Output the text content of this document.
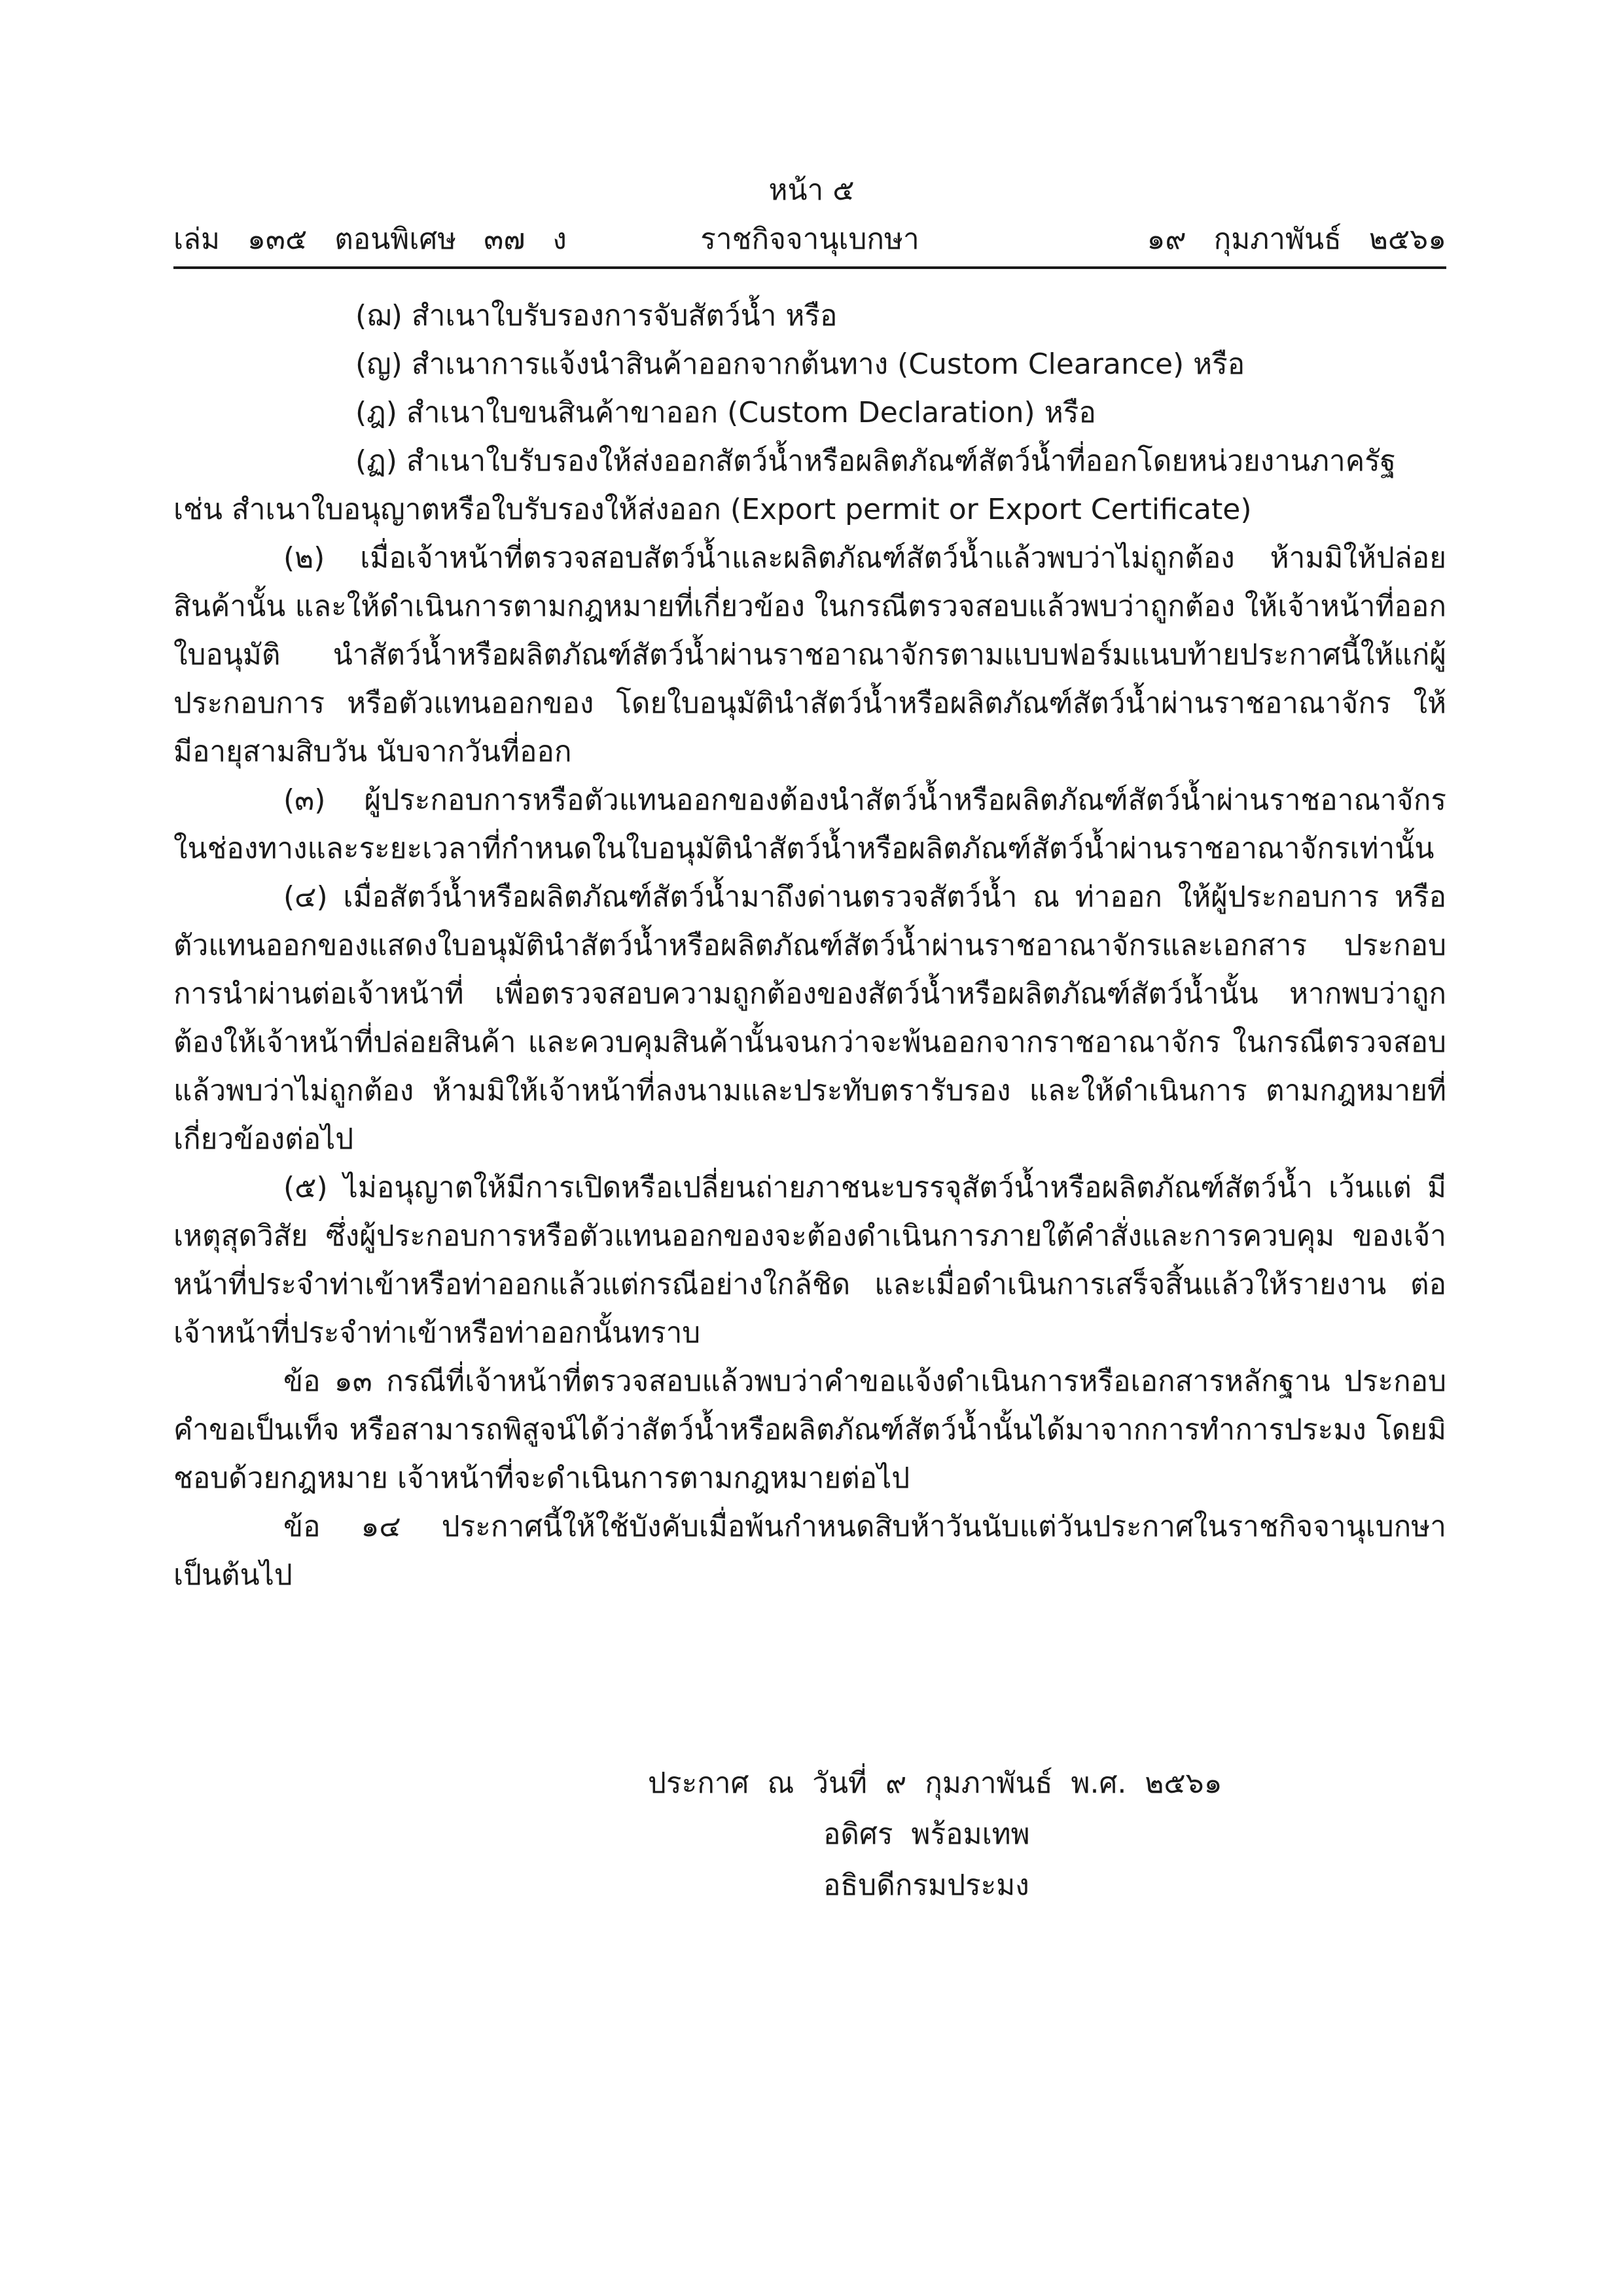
หน้า ๕
เล่ม   ๑๓๕   ตอนพิเศษ   ๓๗   ง	ราชกิจจานุเบกษา	๑๙   กุมภาพันธ์   ๒๕๖๑

(ฌ) สำเนาใบรับรองการจับสัตว์น้ำ หรือ

(ญ) สำเนาการแจ้งนำสินค้าออกจากต้นทาง (Custom Clearance) หรือ

(ฎ) สำเนาใบขนสินค้าขาออก (Custom Declaration) หรือ

(ฏ) สำเนาใบรับรองให้ส่งออกสัตว์น้ำหรือผลิตภัณฑ์สัตว์น้ำที่ออกโดยหน่วยงานภาครัฐ

เช่น สำเนาใบอนุญาตหรือใบรับรองให้ส่งออก (Export permit or Export Certificate)

(๒) เมื่อเจ้าหน้าที่ตรวจสอบสัตว์น้ำและผลิตภัณฑ์สัตว์น้ำแล้วพบว่าไม่ถูกต้อง ห้ามมิให้ปล่อยสินค้านั้น และให้ดำเนินการตามกฎหมายที่เกี่ยวข้อง ในกรณีตรวจสอบแล้วพบว่าถูกต้อง ให้เจ้าหน้าที่ออกใบอนุมัติ นำสัตว์น้ำหรือผลิตภัณฑ์สัตว์น้ำผ่านราชอาณาจักรตามแบบฟอร์มแนบท้ายประกาศนี้ให้แก่ผู้ประกอบการ หรือตัวแทนออกของ โดยใบอนุมัตินำสัตว์น้ำหรือผลิตภัณฑ์สัตว์น้ำผ่านราชอาณาจักร ให้มีอายุสามสิบวัน นับจากวันที่ออก

(๓) ผู้ประกอบการหรือตัวแทนออกของต้องนำสัตว์น้ำหรือผลิตภัณฑ์สัตว์น้ำผ่านราชอาณาจักร ในช่องทางและระยะเวลาที่กำหนดในใบอนุมัตินำสัตว์น้ำหรือผลิตภัณฑ์สัตว์น้ำผ่านราชอาณาจักรเท่านั้น

(๔) เมื่อสัตว์น้ำหรือผลิตภัณฑ์สัตว์น้ำมาถึงด่านตรวจสัตว์น้ำ ณ ท่าออก ให้ผู้ประกอบการ หรือตัวแทนออกของแสดงใบอนุมัตินำสัตว์น้ำหรือผลิตภัณฑ์สัตว์น้ำผ่านราชอาณาจักรและเอกสาร ประกอบการนำผ่านต่อเจ้าหน้าที่ เพื่อตรวจสอบความถูกต้องของสัตว์น้ำหรือผลิตภัณฑ์สัตว์น้ำนั้น หากพบว่าถูกต้องให้เจ้าหน้าที่ปล่อยสินค้า และควบคุมสินค้านั้นจนกว่าจะพ้นออกจากราชอาณาจักร ในกรณีตรวจสอบแล้วพบว่าไม่ถูกต้อง ห้ามมิให้เจ้าหน้าที่ลงนามและประทับตรารับรอง และให้ดำเนินการ ตามกฎหมายที่เกี่ยวข้องต่อไป

(๕) ไม่อนุญาตให้มีการเปิดหรือเปลี่ยนถ่ายภาชนะบรรจุสัตว์น้ำหรือผลิตภัณฑ์สัตว์น้ำ เว้นแต่ มีเหตุสุดวิสัย ซึ่งผู้ประกอบการหรือตัวแทนออกของจะต้องดำเนินการภายใต้คำสั่งและการควบคุม ของเจ้าหน้าที่ประจำท่าเข้าหรือท่าออกแล้วแต่กรณีอย่างใกล้ชิด และเมื่อดำเนินการเสร็จสิ้นแล้วให้รายงาน ต่อเจ้าหน้าที่ประจำท่าเข้าหรือท่าออกนั้นทราบ

ข้อ ๑๓ กรณีที่เจ้าหน้าที่ตรวจสอบแล้วพบว่าคำขอแจ้งดำเนินการหรือเอกสารหลักฐาน ประกอบคำขอเป็นเท็จ หรือสามารถพิสูจน์ได้ว่าสัตว์น้ำหรือผลิตภัณฑ์สัตว์น้ำนั้นได้มาจากการทำการประมง โดยมิชอบด้วยกฎหมาย เจ้าหน้าที่จะดำเนินการตามกฎหมายต่อไป

ข้อ ๑๔ ประกาศนี้ให้ใช้บังคับเมื่อพ้นกำหนดสิบห้าวันนับแต่วันประกาศในราชกิจจานุเบกษา เป็นต้นไป

ประกาศ  ณ  วันที่  ๙  กุมภาพันธ์  พ.ศ.  ๒๕๖๑
อดิศร  พร้อมเทพ
อธิบดีกรมประมง
